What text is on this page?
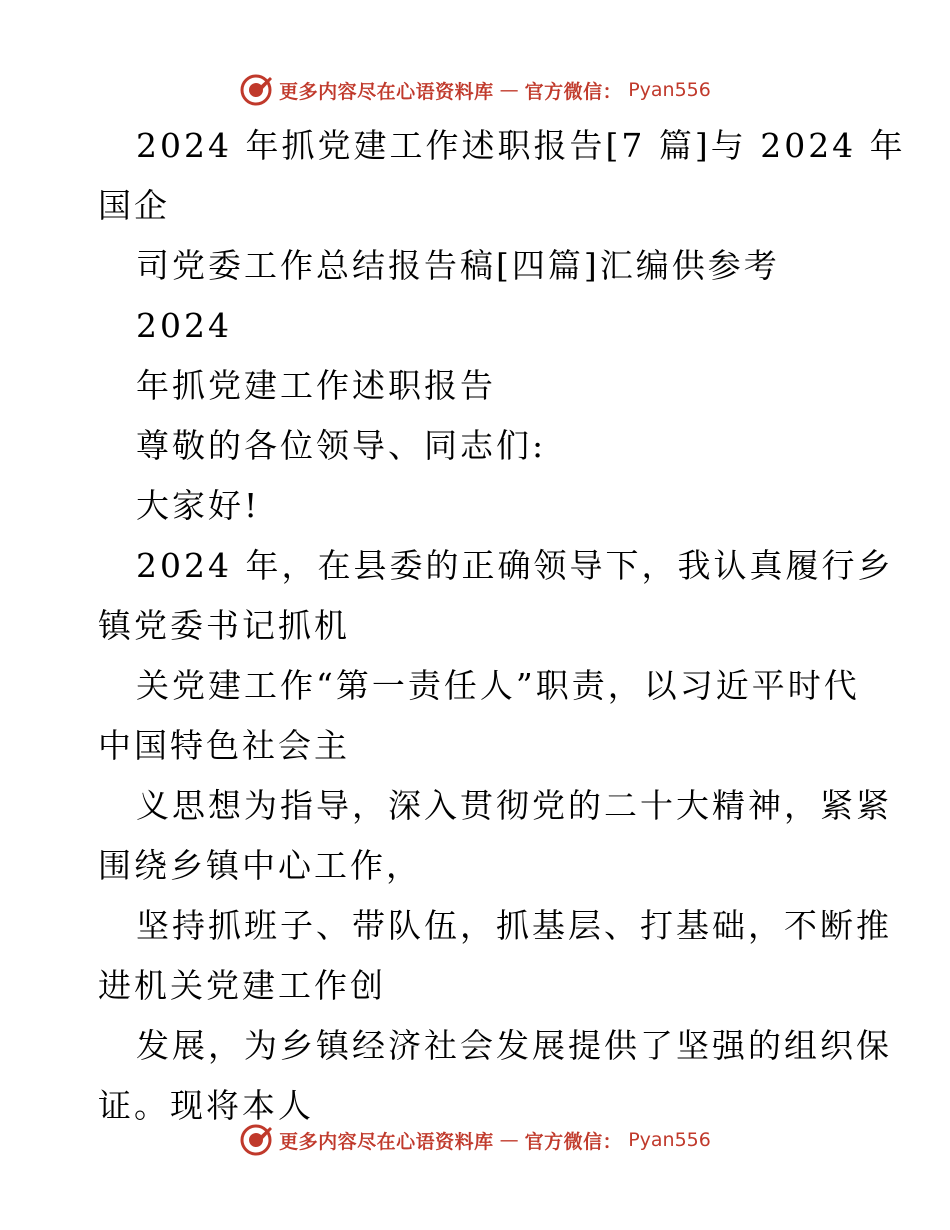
更多内容尽在心语资料库 — 官方微信： Pyan556
2024 年抓党建工作述职报告[7 篇]与 2024 年
国企
司党委工作总结报告稿[四篇]汇编供参考
2024
年抓党建工作述职报告
尊敬的各位领导、同志们:
大家好!
2024 年，在县委的正确领导下，我认真履行乡
镇党委书记抓机
关党建工作“第一责任人”职责，以习近平时代
中国特色社会主
义思想为指导，深入贯彻党的二十大精神，紧紧
围绕乡镇中心工作，
坚持抓班子、带队伍，抓基层、打基础，不断推
进机关党建工作创
发展，为乡镇经济社会发展提供了坚强的组织保
证。现将本人
更多内容尽在心语资料库 — 官方微信： Pyan556
